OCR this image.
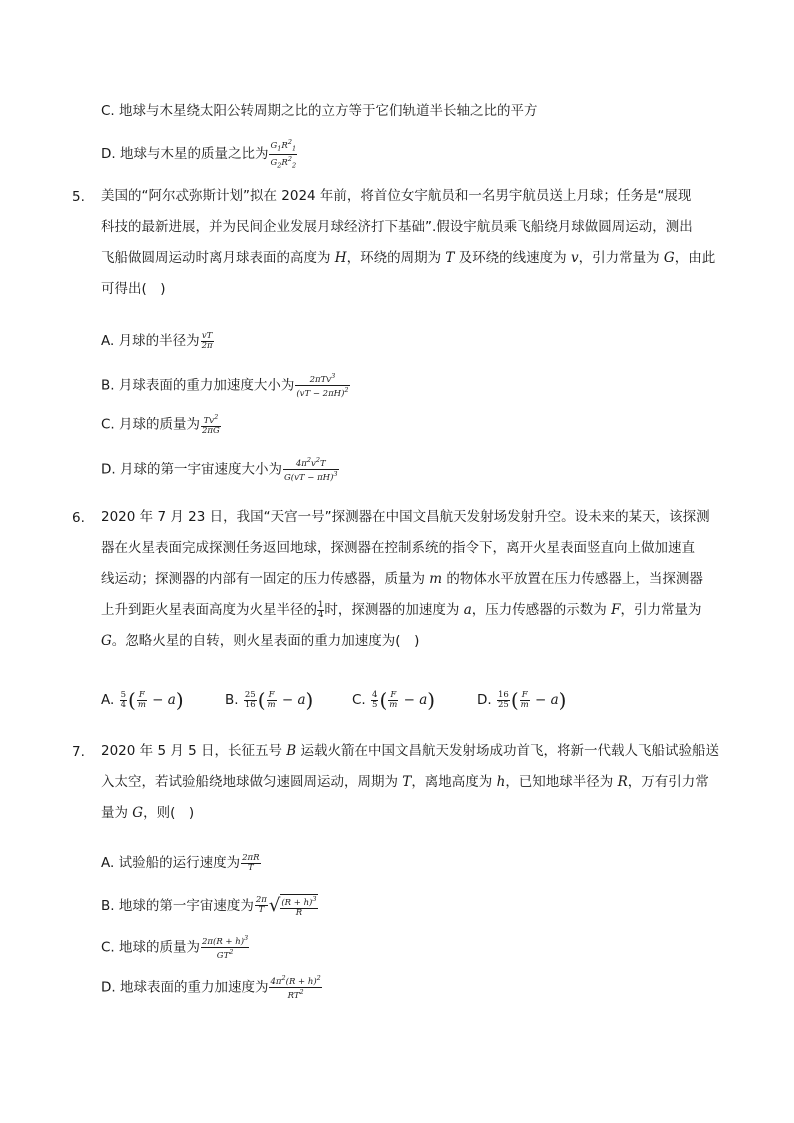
C. 地球与木星绕太阳公转周期之比的立方等于它们轨道半长轴之比的平方
D. 地球与木星的质量之比为 $\frac{G_1R^2_1}{G_2R^2_2}$
5. 美国的“阿尔忒弥斯计划”拟在 2024 年前，将首位女宇航员和一名男宇航员送上月球；任务是“展现
科技的最新进展，并为民间企业发展月球经济打下基础”.假设宇航员乘飞船绕月球做圆周运动，测出
飞船做圆周运动时离月球表面的高度为 H，环绕的周期为 T 及环绕的线速度为 v，引力常量为 G，由此
可得出(　)
A. 月球的半径为 $\frac{vT}{2\pi}$
B. 月球表面的重力加速度大小为 $\frac{2\pi Tv^3}{(vT - 2\pi H)^2}$
C. 月球的质量为 $\frac{Tv^2}{2\pi G}$
D. 月球的第一宇宙速度大小为 $\frac{4\pi^2v^2T}{G(vT - \pi H)^3}$
6. 2020 年 7 月 23 日，我国“天宫一号”探测器在中国文昌航天发射场发射升空。设未来的某天，该探测
器在火星表面完成探测任务返回地球，探测器在控制系统的指令下，离开火星表面竖直向上做加速直
线运动；探测器的内部有一固定的压力传感器，质量为 m 的物体水平放置在压力传感器上，当探测器
上升到距火星表面高度为火星半径的 $\frac{1}{4}$ 时，探测器的加速度为 a，压力传感器的示数为 F，引力常量为
G。忽略火星的自转，则火星表面的重力加速度为(　)
A. $\frac{5}{4}$ ( $\frac{F}{m} - a$)	B. $\frac{25}{16}$ ( $\frac{F}{m} - a$)	C. $\frac{4}{5}$ ( $\frac{F}{m} - a$)	D. $\frac{16}{25}$ ( $\frac{F}{m} - a$)
7. 2020 年 5 月 5 日，长征五号 B 运载火箭在中国文昌航天发射场成功首飞，将新一代载人飞船试验船送
入太空，若试验船绕地球做匀速圆周运动，周期为 T，离地高度为 h，已知地球半径为 R，万有引力常
量为 G，则(　)
A. 试验船的运行速度为 $\frac{2\pi R}{T}$
B. 地球的第一宇宙速度为 $\frac{2\pi}{T}$ √ $\frac{(R + h)^3}{R}$
C. 地球的质量为 $\frac{2\pi(R + h)^3}{GT^2}$
D. 地球表面的重力加速度为 $\frac{4\pi^2(R + h)^2}{RT^2}$
